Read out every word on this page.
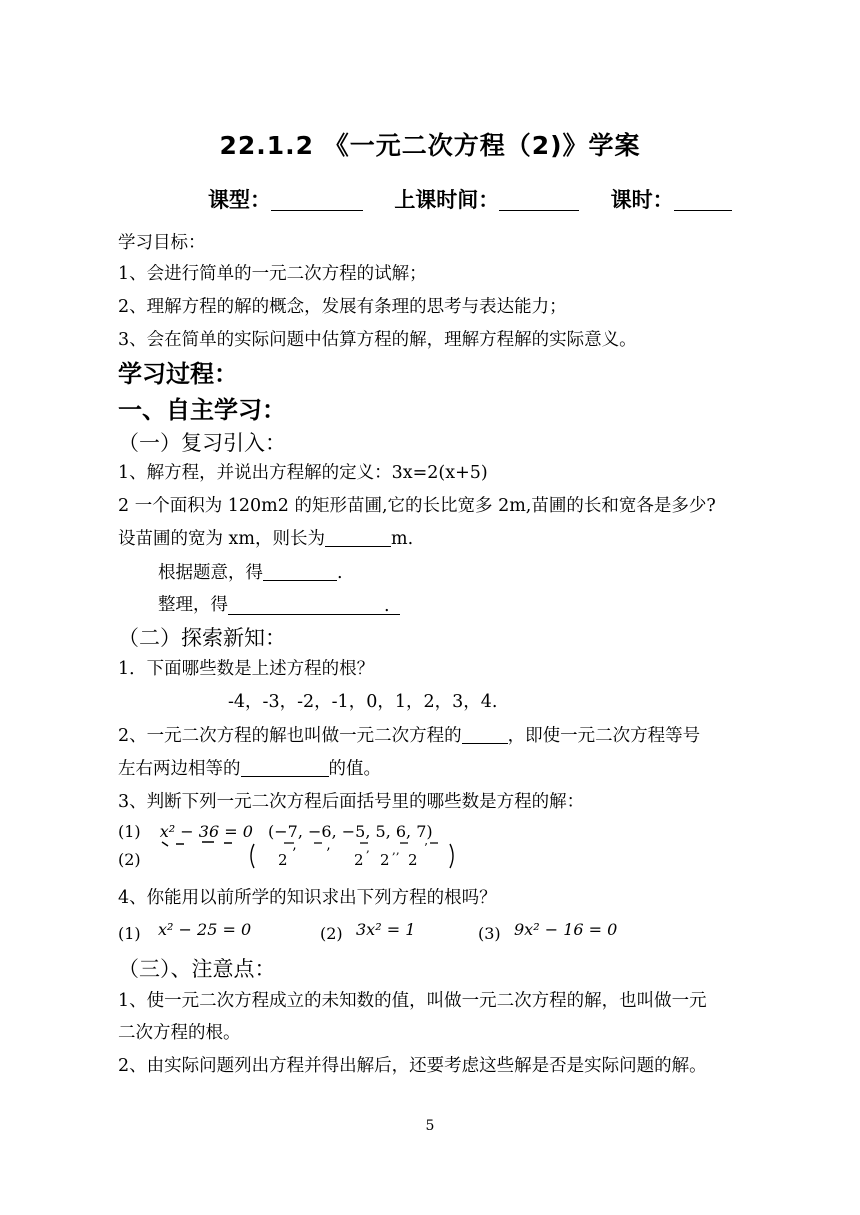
22.1.2 《一元二次方程（2)》学案
课型：	上课时间：	课时：
学习目标：
1、会进行简单的一元二次方程的试解；
2、理解方程的解的概念，发展有条理的思考与表达能力；
3、会在简单的实际问题中估算方程的解，理解方程解的实际意义。
学习过程：
一、自主学习：
（一）复习引入：
1、解方程，并说出方程解的定义：3x=2(x+5)
2 一个面积为 120m2 的矩形苗圃,它的长比宽多 2m,苗圃的长和宽各是多少?
设苗圃的宽为 xm，则长为	m.
根据题意，得	.
整理，得	.
（二）探索新知：
1．下面哪些数是上述方程的根？
-4，-3，-2，-1，0，1，2，3，4.
2、一元二次方程的解也叫做一元二次方程的	，即使一元二次方程等号
左右两边相等的	的值。
3、判断下列一元二次方程后面括号里的哪些数是方程的解：
(1) x² − 36 = 0 (−7, −6, −5, 5, 6, 7)
(2)	2 ’ ’ 2
,
2
,,
2
’
4、你能用以前所学的知识求出下列方程的根吗？
(1) x² − 25 = 0	(2) 3x² = 1	(3) 9x² − 16 = 0
（三）、注意点：
1、使一元二次方程成立的未知数的值，叫做一元二次方程的解，也叫做一元
二次方程的根。
2、由实际问题列出方程并得出解后，还要考虑这些解是否是实际问题的解。
5
